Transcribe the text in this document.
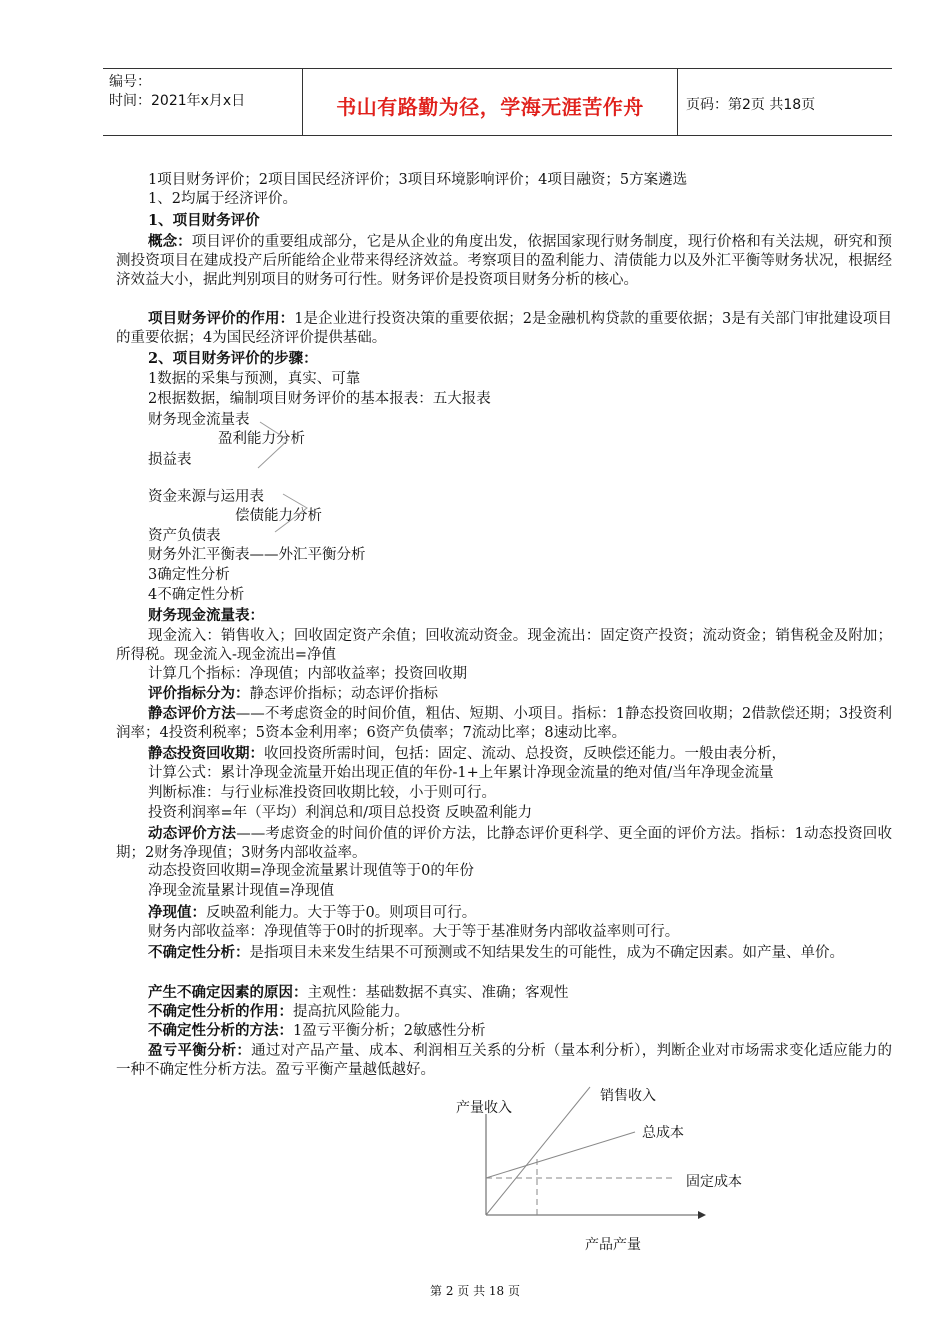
编号：
时间：2021年x月x日	书山有路勤为径，学海无涯苦作舟	页码：第2页 共18页
1项目财务评价；2项目国民经济评价；3项目环境影响评价；4项目融资；5方案遴选
1、2均属于经济评价。
1、项目财务评价
概念：项目评价的重要组成部分，它是从企业的角度出发，依据国家现行财务制度，现行价格和有关法规，研究和预测投资项目在建成投产后所能给企业带来得经济效益。考察项目的盈利能力、清债能力以及外汇平衡等财务状况，根据经济效益大小，据此判别项目的财务可行性。财务评价是投资项目财务分析的核心。
项目财务评价的作用：1是企业进行投资决策的重要依据；2是金融机构贷款的重要依据；3是有关部门审批建设项目的重要依据；4为国民经济评价提供基础。
2、项目财务评价的步骤：
1数据的采集与预测，真实、可靠
2根据数据，编制项目财务评价的基本报表：五大报表
财务现金流量表
盈利能力分析
损益表
资金来源与运用表
偿债能力分析
资产负债表
财务外汇平衡表——外汇平衡分析
3确定性分析
4不确定性分析
财务现金流量表：
现金流入：销售收入；回收固定资产余值；回收流动资金。现金流出：固定资产投资；流动资金；销售税金及附加；所得税。现金流入-现金流出=净值
计算几个指标：净现值；内部收益率；投资回收期
评价指标分为：静态评价指标；动态评价指标
静态评价方法——不考虑资金的时间价值，粗估、短期、小项目。指标：1静态投资回收期；2借款偿还期；3投资利润率；4投资利税率；5资本金利用率；6资产负债率；7流动比率；8速动比率。
静态投资回收期：收回投资所需时间，包括：固定、流动、总投资，反映偿还能力。一般由表分析，
计算公式：累计净现金流量开始出现正值的年份-1+上年累计净现金流量的绝对值/当年净现金流量
判断标准：与行业标准投资回收期比较，小于则可行。
投资利润率=年（平均）利润总和/项目总投资 反映盈利能力
动态评价方法——考虑资金的时间价值的评价方法，比静态评价更科学、更全面的评价方法。指标：1动态投资回收期；2财务净现值；3财务内部收益率。
动态投资回收期=净现金流量累计现值等于0的年份
净现金流量累计现值=净现值
净现值：反映盈利能力。大于等于0。则项目可行。
财务内部收益率：净现值等于0时的折现率。大于等于基准财务内部收益率则可行。
不确定性分析：是指项目未来发生结果不可预测或不知结果发生的可能性，成为不确定因素。如产量、单价。
产生不确定因素的原因：主观性：基础数据不真实、准确；客观性
不确定性分析的作用：提高抗风险能力。
不确定性分析的方法：1盈亏平衡分析；2敏感性分析
盈亏平衡分析：通过对产品产量、成本、利润相互关系的分析（量本利分析），判断企业对市场需求变化适应能力的一种不确定性分析方法。盈亏平衡产量越低越好。
产量收入
销售收入
总成本
固定成本
产品产量
第 2 页 共 18 页
